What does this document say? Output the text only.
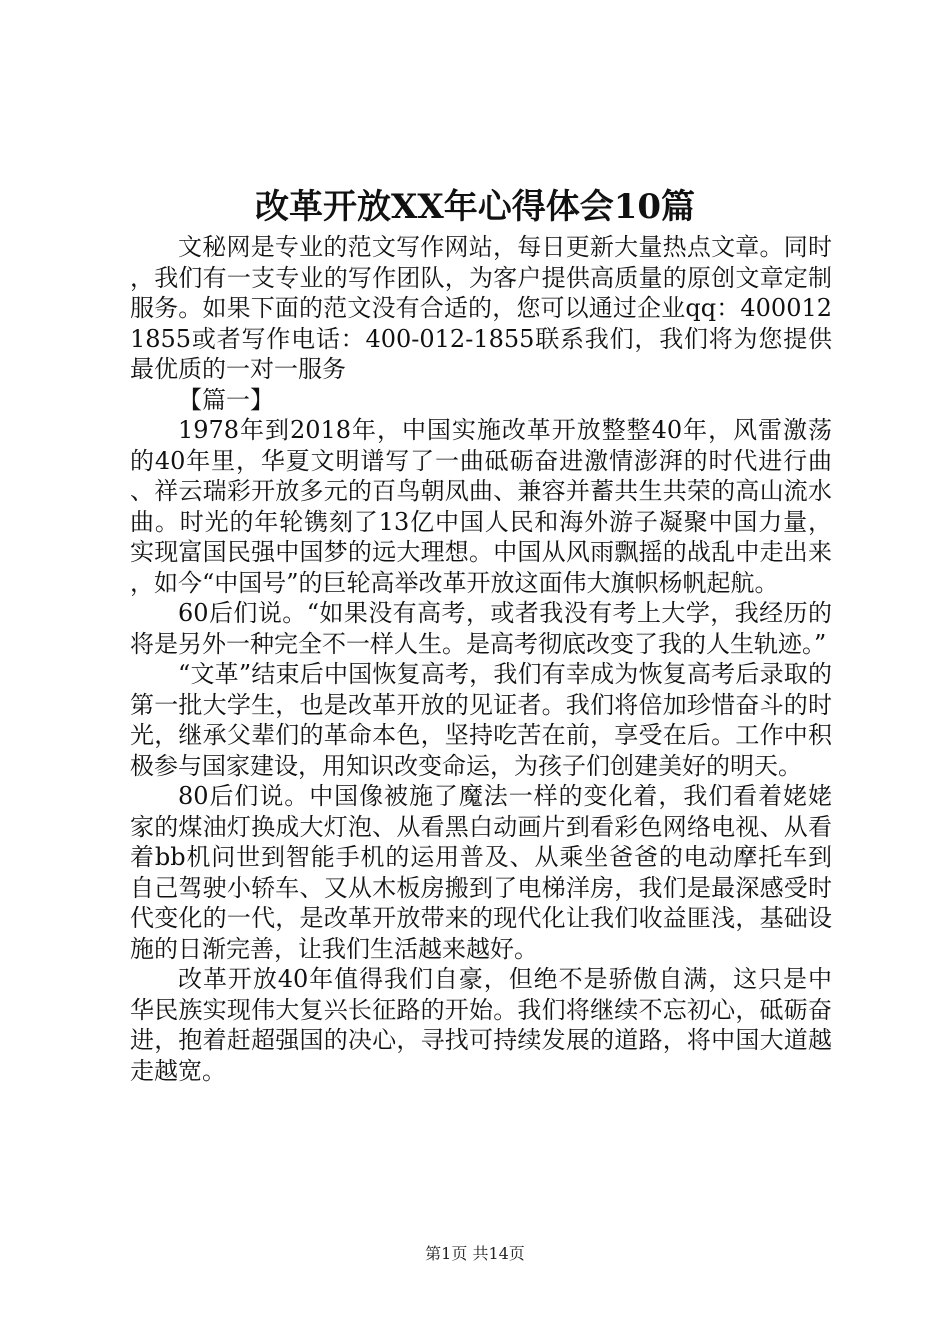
改革开放XX年心得体会10篇

文秘网是专业的范文写作网站，每日更新大量热点文章。同时，我们有一支专业的写作团队，为客户提供高质量的原创文章定制服务。如果下面的范文没有合适的，您可以通过企业qq：4000121855或者写作电话：400-012-1855联系我们，我们将为您提供最优质的一对一服务

【篇一】

1978年到2018年，中国实施改革开放整整40年，风雷激荡的40年里，华夏文明谱写了一曲砥砺奋进激情澎湃的时代进行曲、祥云瑞彩开放多元的百鸟朝凤曲、兼容并蓄共生共荣的高山流水曲。时光的年轮镌刻了13亿中国人民和海外游子凝聚中国力量，实现富国民强中国梦的远大理想。中国从风雨飘摇的战乱中走出来，如今“中国号”的巨轮高举改革开放这面伟大旗帜杨帆起航。

60后们说。“如果没有高考，或者我没有考上大学，我经历的将是另外一种完全不一样人生。是高考彻底改变了我的人生轨迹。”

“文革”结束后中国恢复高考，我们有幸成为恢复高考后录取的第一批大学生，也是改革开放的见证者。我们将倍加珍惜奋斗的时光，继承父辈们的革命本色，坚持吃苦在前，享受在后。工作中积极参与国家建设，用知识改变命运，为孩子们创建美好的明天。

80后们说。中国像被施了魔法一样的变化着，我们看着姥姥家的煤油灯换成大灯泡、从看黑白动画片到看彩色网络电视、从看着bb机问世到智能手机的运用普及、从乘坐爸爸的电动摩托车到自己驾驶小轿车、又从木板房搬到了电梯洋房，我们是最深感受时代变化的一代，是改革开放带来的现代化让我们收益匪浅，基础设施的日渐完善，让我们生活越来越好。

改革开放40年值得我们自豪，但绝不是骄傲自满，这只是中华民族实现伟大复兴长征路的开始。我们将继续不忘初心，砥砺奋进，抱着赶超强国的决心，寻找可持续发展的道路，将中国大道越走越宽。

第1页 共14页
